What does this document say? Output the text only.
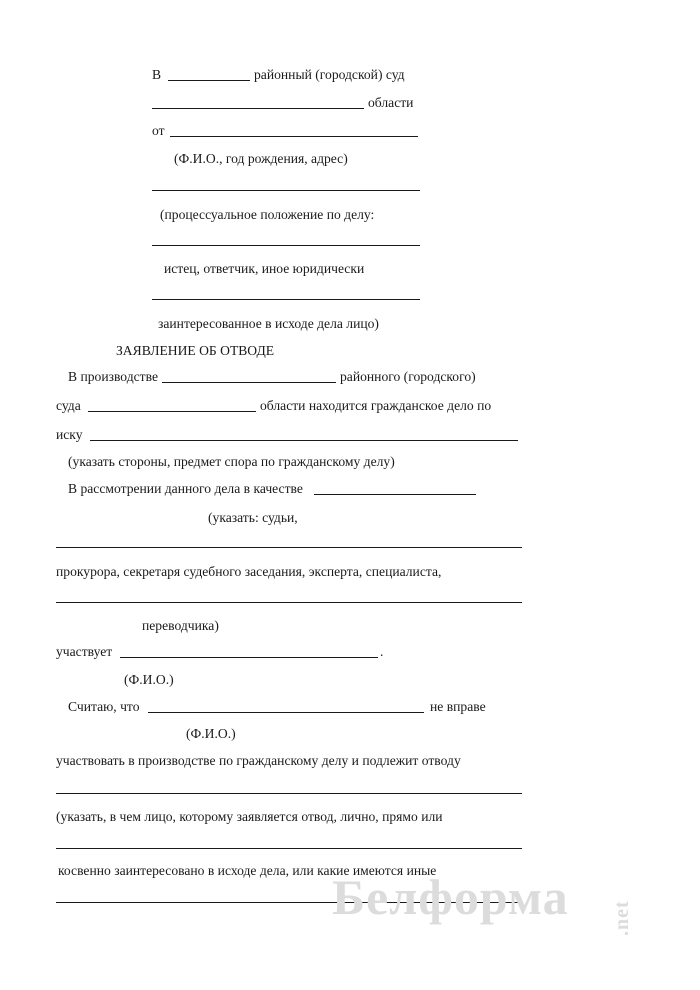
В	районный (городской) суд
области
от
(Ф.И.О., год рождения, адрес)
(процессуальное положение по делу:
истец, ответчик, иное юридически
заинтересованное в исходе дела лицо)
ЗАЯВЛЕНИЕ ОБ ОТВОДЕ
В производстве	районного (городского)
суда	области находится гражданское дело по
иску
(указать стороны, предмет спора по гражданскому делу)
В рассмотрении данного дела в качестве
(указать: судьи,
прокурора, секретаря судебного заседания, эксперта, специалиста,
переводчика)
участвует	.
(Ф.И.О.)
Считаю, что	не вправе
(Ф.И.О.)
участвовать в производстве по гражданскому делу и подлежит отводу
(указать, в чем лицо, которому заявляется отвод, лично, прямо или
косвенно заинтересовано в исходе дела, или какие имеются иные
Белформа .net
